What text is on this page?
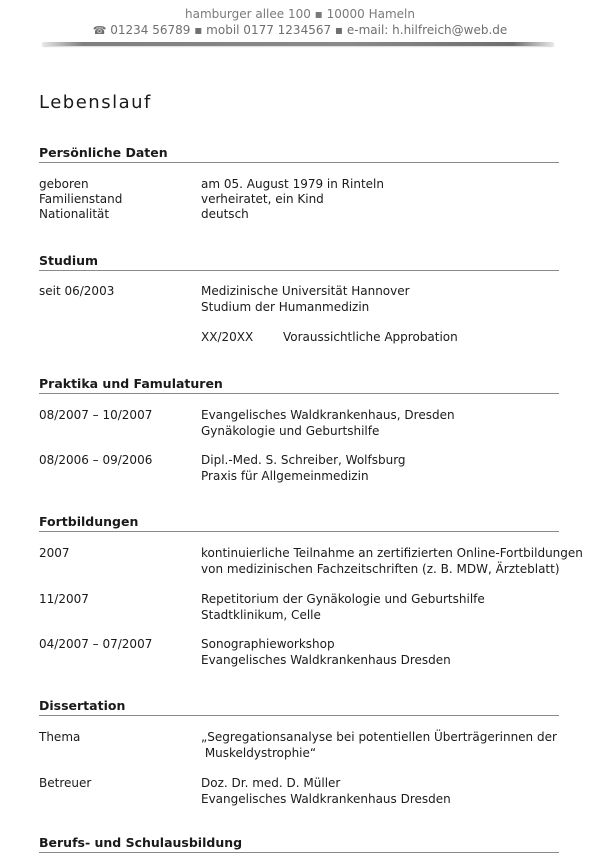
hamburger allee 100 ▪ 10000 Hameln
☎ 01234 56789 ▪ mobil 0177 1234567 ▪ e-mail: h.hilfreich@web.de
Lebenslauf
Persönliche Daten
geboren	am 05. August 1979 in Rinteln
Familienstand	verheiratet, ein Kind
Nationalität	deutsch
Studium
seit 06/2003	Medizinische Universität Hannover
Studium der Humanmedizin
XX/20XX Voraussichtliche Approbation
Praktika und Famulaturen
08/2007 – 10/2007	Evangelisches Waldkrankenhaus, Dresden
Gynäkologie und Geburtshilfe
08/2006 – 09/2006	Dipl.-Med. S. Schreiber, Wolfsburg
Praxis für Allgemeinmedizin
Fortbildungen
2007	kontinuierliche Teilnahme an zertifizierten Online-Fortbildungen
von medizinischen Fachzeitschriften (z. B. MDW, Ärzteblatt)
11/2007	Repetitorium der Gynäkologie und Geburtshilfe
Stadtklinikum, Celle
04/2007 – 07/2007	Sonographieworkshop
Evangelisches Waldkrankenhaus Dresden
Dissertation
Thema	„Segregationsanalyse bei potentiellen Überträgerinnen der
Muskeldystrophie“
Betreuer	Doz. Dr. med. D. Müller
Evangelisches Waldkrankenhaus Dresden
Berufs- und Schulausbildung
